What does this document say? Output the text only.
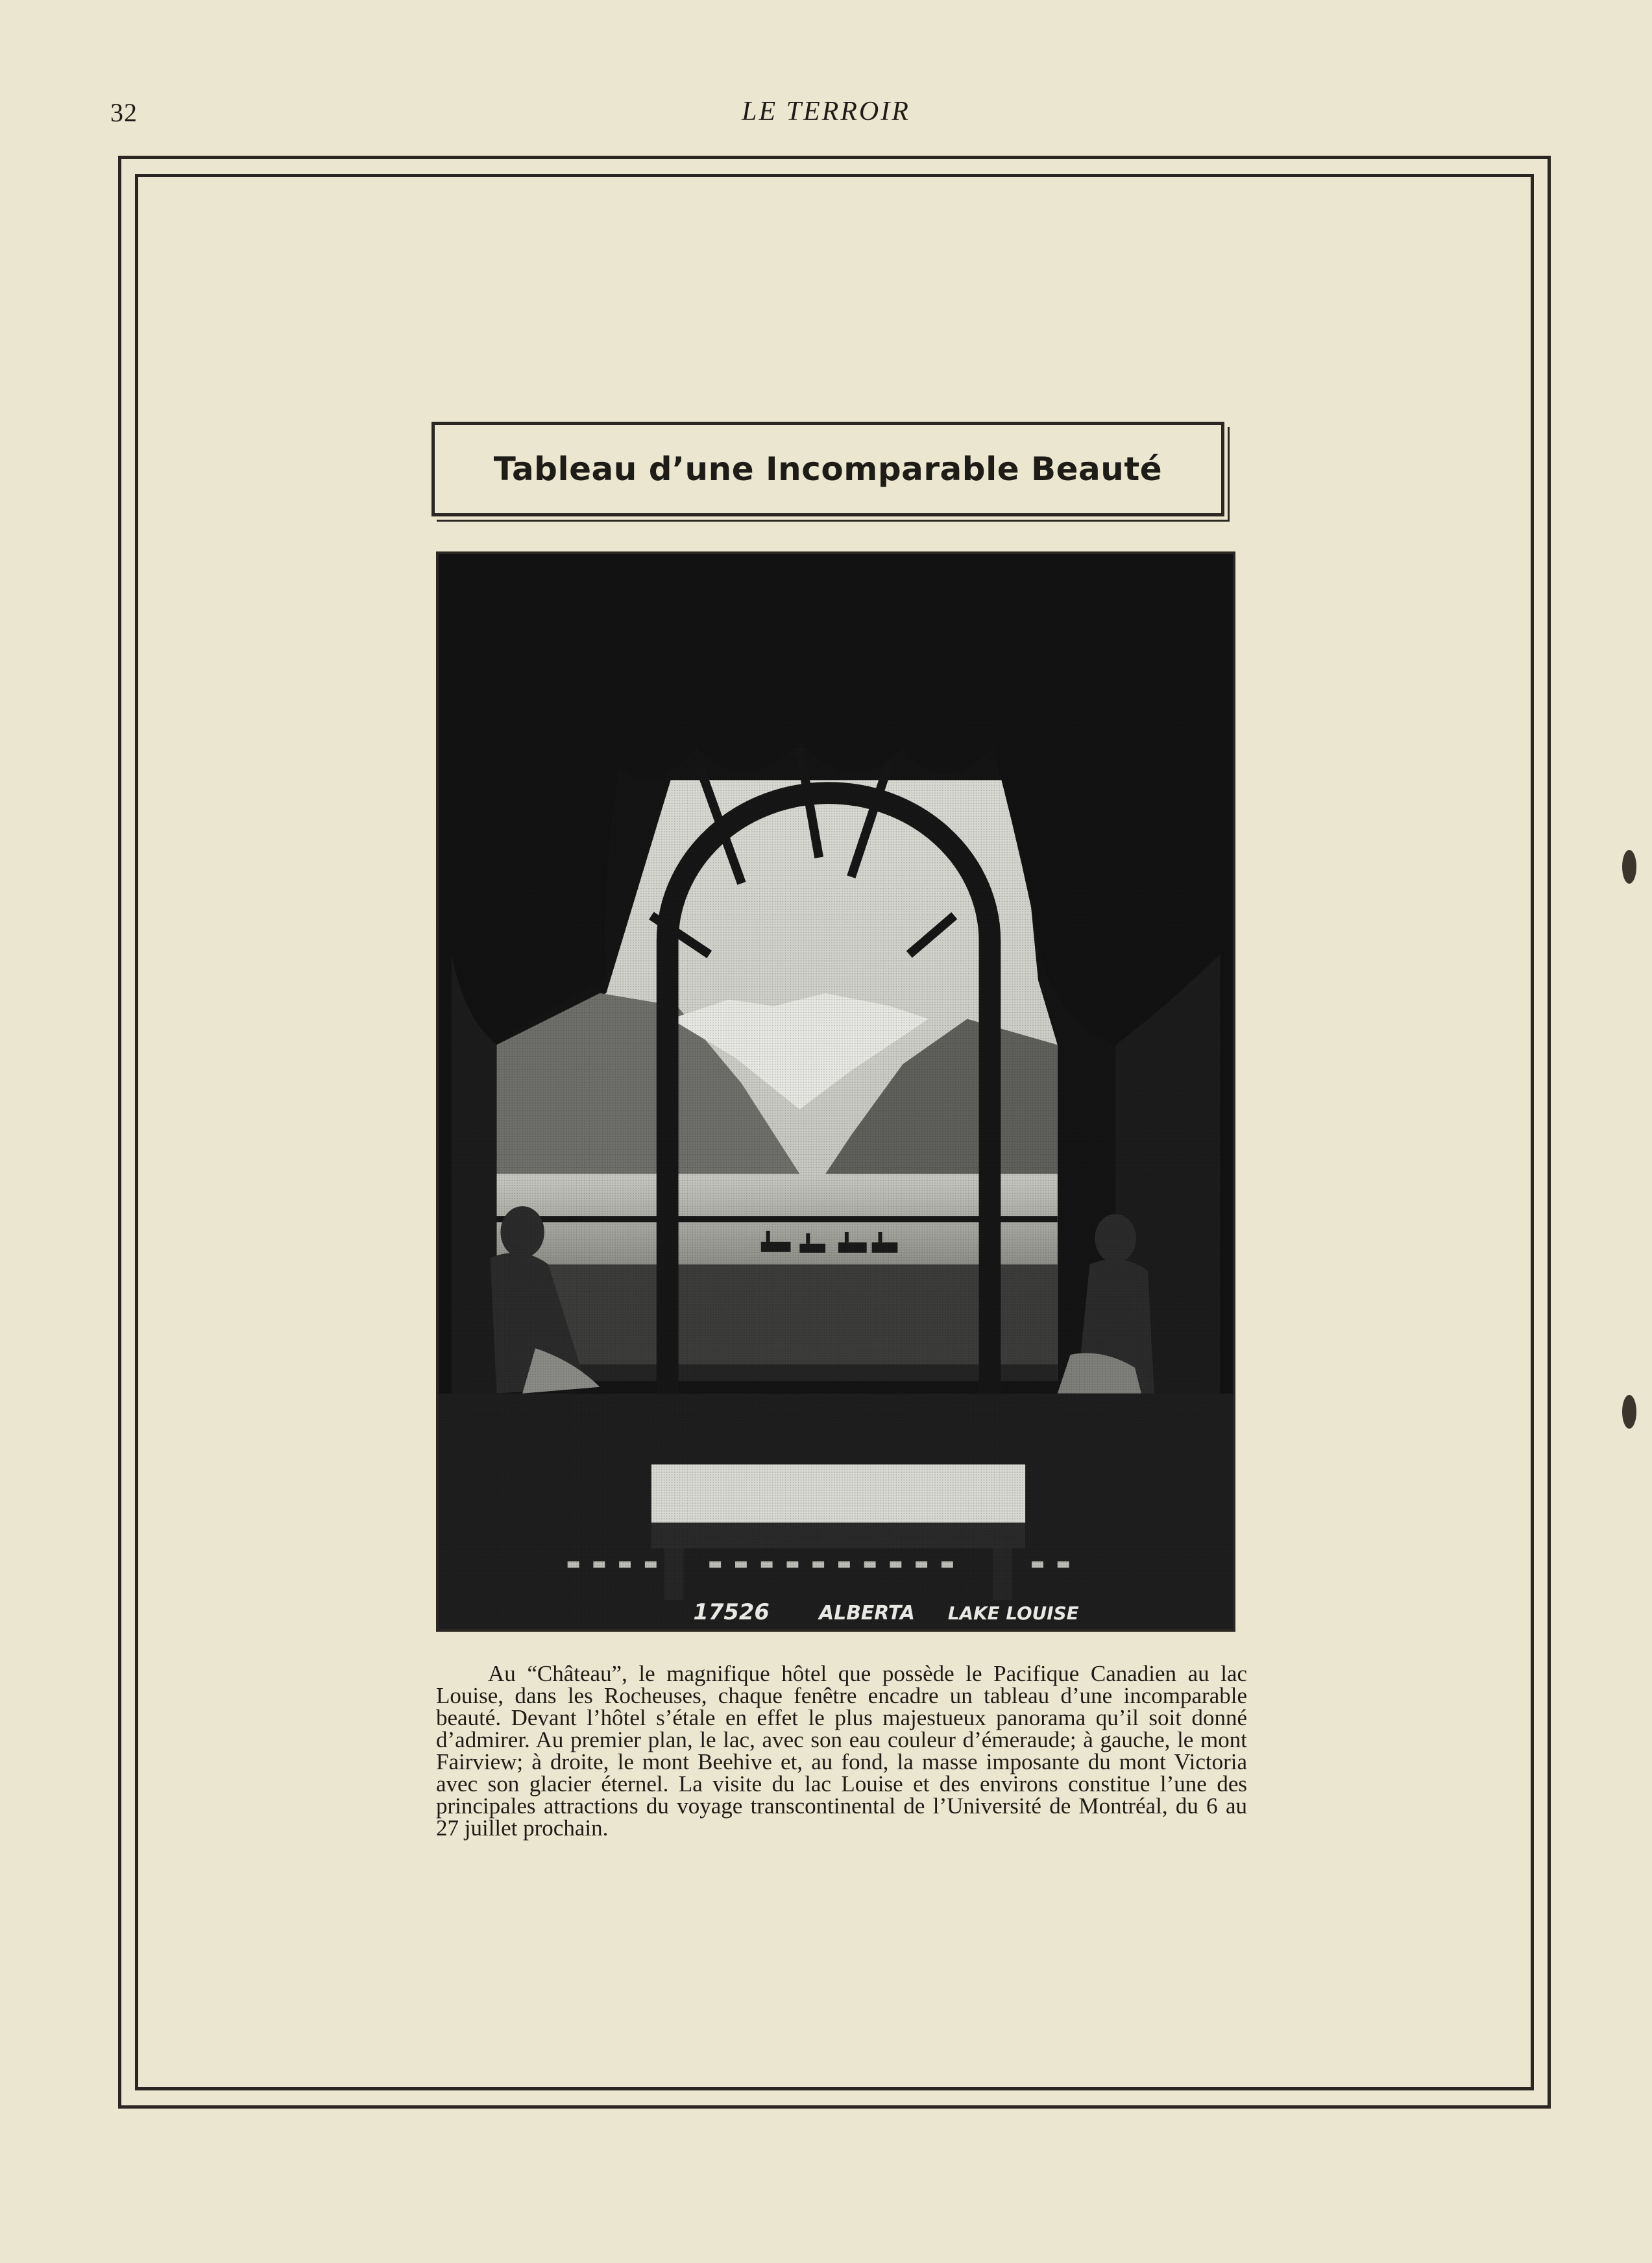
32	LE TERROIR
Tableau d’une Incomparable Beauté
17526	ALBERTA LAKE LOUISE

Au “Château”, le magnifique hôtel que possède le Pacifique Canadien au lac Louise, dans les Rocheuses, chaque fenêtre encadre un tableau d’une incomparable beauté. Devant l’hôtel s’étale en effet le plus majestueux panorama qu’il soit donné d’admirer. Au premier plan, le lac, avec son eau couleur d’émeraude; à gauche, le mont Fairview; à droite, le mont Beehive et, au fond, la masse imposante du mont Victoria avec son glacier éternel. La visite du lac Louise et des environs constitue l’une des principales attractions du voyage transcontinental de l’Université de Montréal, du 6 au 27 juillet prochain.
